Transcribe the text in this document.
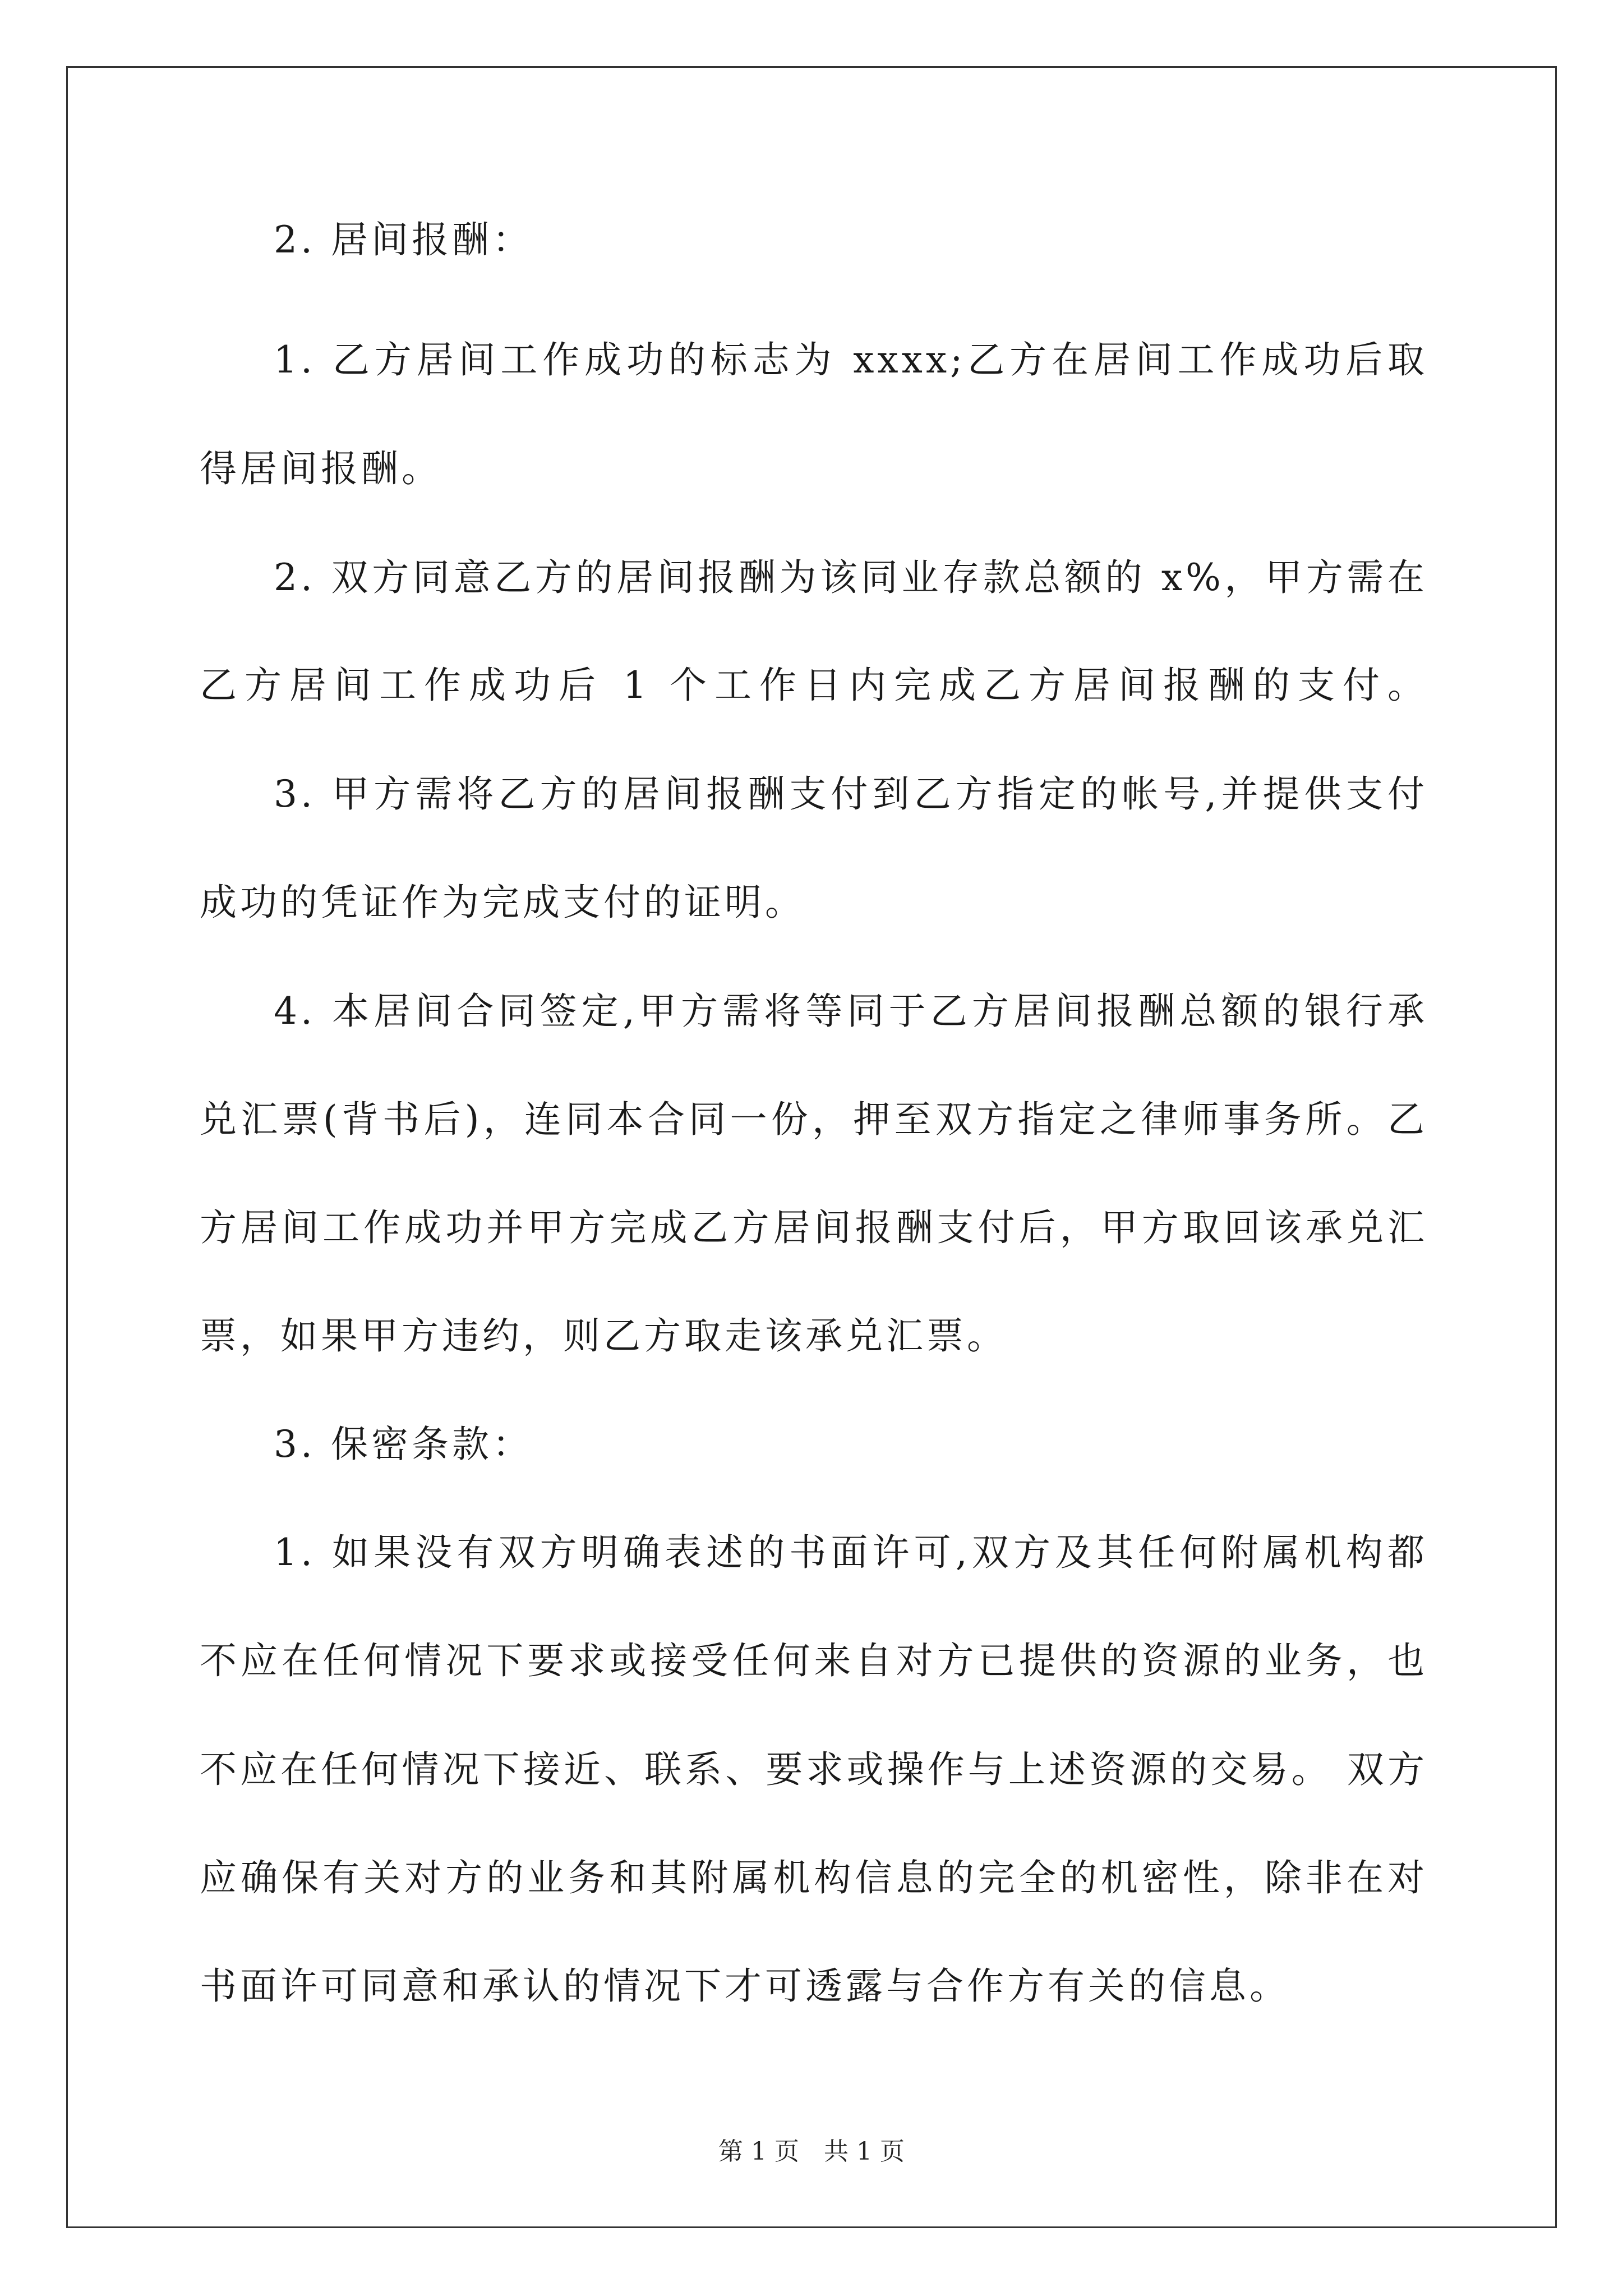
2. 居间报酬：
1. 乙方居间工作成功的标志为 xxxx;乙方在居间工作成功后取
得居间报酬。
2. 双方同意乙方的居间报酬为该同业存款总额的 x%，甲方需在
乙方居间工作成功后 1 个工作日内完成乙方居间报酬的支付。
3. 甲方需将乙方的居间报酬支付到乙方指定的帐号,并提供支付
成功的凭证作为完成支付的证明。
4. 本居间合同签定,甲方需将等同于乙方居间报酬总额的银行承
兑汇票(背书后)，连同本合同一份，押至双方指定之律师事务所。乙
方居间工作成功并甲方完成乙方居间报酬支付后，甲方取回该承兑汇
票，如果甲方违约，则乙方取走该承兑汇票。
3. 保密条款：
1. 如果没有双方明确表述的书面许可,双方及其任何附属机构都
不应在任何情况下要求或接受任何来自对方已提供的资源的业务，也
不应在任何情况下接近、联系、要求或操作与上述资源的交易。 双方
应确保有关对方的业务和其附属机构信息的完全的机密性，除非在对
书面许可同意和承认的情况下才可透露与合作方有关的信息。
第 1 页　共 1 页
